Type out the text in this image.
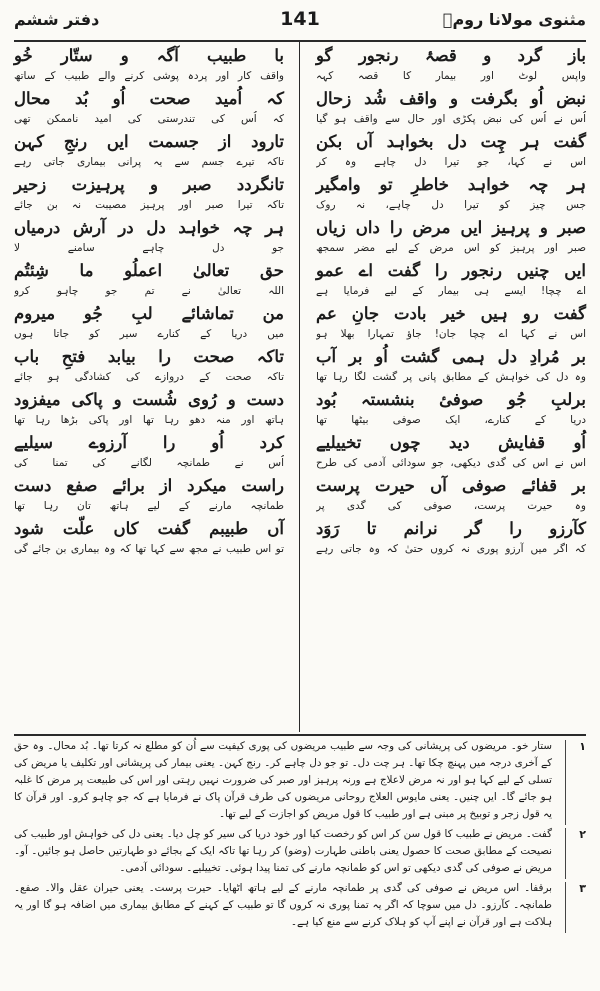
مثنوی مولانا رومؒ
141
دفتر ششم
باز گرد و قصۂ رنجور گو
واپس لوٹ اور بیمار کا قصہ کہہ
نبض اُو بگرفت و واقف شُد زحال
اُس نے اُس کی نبض پکڑی اور حال سے واقف ہو گیا
گفت ہر چِت دل بخواہد آں بکن
اس نے کہا، جو تیرا دل چاہے وہ کر
ہر چہ خواہد خاطرِ تو وامگیر
جس چیز کو تیرا دل چاہے، نہ روک
صبر و پرہیز ایں مرض را داں زیاں
صبر اور پرہیز کو اس مرض کے لیے مضر سمجھ
ایں چنیں رنجور را گفت اے عمو
اے چچا! ایسے ہی بیمار کے لیے فرمایا ہے
گفت رو ہیں خیر بادت جانِ عم
اس نے کہا اے چچا جان! جاؤ تمہارا بھلا ہو
بر مُرادِ دل ہمی گشت اُو بر آب
وہ دل کی خواہش کے مطابق پانی پر گشت لگا رہا تھا
برلبِ جُو صوفیٔ بنشستہ بُود
دریا کے کنارے، ایک صوفی بیٹھا تھا
اُو قفایش دید چوں تخییلیے
اس نے اس کی گدی دیکھی، جو سودائی آدمی کی طرح
بر قفائے صوفی آں حیرت پرست
وہ حیرت پرست، صوفی کی گدی پر
کآرزو را گر نرانم تا رَوَد
کہ اگر میں آرزو پوری نہ کروں حتیٰ کہ وہ جاتی رہے
با طبیب آگہ و ستّار خُو
واقف کار اور پردہ پوشی کرنے والے طبیب کے ساتھ
کہ اُمید صحت اُو بُد محال
کہ اُس کی تندرستی کی امید ناممکن تھی
تارود از جسمت ایں رنجِ کہن
تاکہ تیرے جسم سے یہ پرانی بیماری جاتی رہے
تانگردد صبر و پرہیزت زحیر
تاکہ تیرا صبر اور پرہیز مصیبت نہ بن جائے
ہر چہ خواہد دل در آرش درمیاں
جو دل چاہے سامنے لا
حق تعالیٰ اعملُو ما شِئتُم
اللہ تعالیٰ نے تم جو چاہو کرو
من تماشائے لبِ جُو میروم
میں دریا کے کنارے سیر کو جاتا ہوں
تاکہ صحت را بیابد فتحِ باب
تاکہ صحت کے دروازے کی کشادگی ہو جائے
دست و رُوی شُست و پاکی میفزود
ہاتھ اور منہ دھو رہا تھا اور پاکی بڑھا رہا تھا
کرد اُو را آرزوے سیلیے
اُس نے طمانچہ لگانے کی تمنا کی
راست میکرد از برائے صفع دست
طمانچہ مارنے کے لیے ہاتھ تان رہا تھا
آں طبیبم گفت کاں علّت شود
تو اس طبیب نے مجھ سے کہا تھا کہ وہ بیماری بن جائے گی
۱
ستار خو۔ مریضوں کی پریشانی کی وجہ سے طبیب مریضوں کی پوری کیفیت سے اُن کو مطلع نہ کرتا تھا۔ بُد محال۔ وہ حق کے آخری درجہ میں پہنچ چکا تھا۔ ہر چت دل۔ تو جو دل چاہے کر۔ رنج کہن۔ یعنی بیمار کی پریشانی اور تکلیف یا مریض کی تسلی کے لیے کہا ہو اور نہ مرض لاعلاج ہے ورنہ پرہیز اور صبر کی ضرورت نہیں رہتی اور اس کی طبیعت پر مرض کا غلبہ ہو جائے گا۔ ایں چنیں۔ یعنی مایوس العلاج روحانی مریضوں کی طرف قرآن پاک نے فرمایا ہے کہ جو چاہو کرو۔ اور قرآن کا یہ قول زجر و توبیخ پر مبنی ہے اور طبیب کا قول مریض کو اجازت کے لیے تھا۔
۲
گفت۔ مریض نے طبیب کا قول سن کر اس کو رخصت کیا اور خود دریا کی سیر کو چل دیا۔ یعنی دل کی خواہش اور طبیب کی نصیحت کے مطابق صحت کا حصول یعنی باطنی طہارت (وضو) کر رہا تھا تاکہ ایک کے بجائے دو طہارتیں حاصل ہو جائیں۔ آو۔ مریض نے صوفی کی گدی دیکھی تو اس کو طمانچہ مارنے کی تمنا پیدا ہوئی۔ تخییلیے۔ سودائی آدمی۔
۳
برقفا۔ اس مریض نے صوفی کی گدی پر طمانچہ مارنے کے لیے ہاتھ اٹھایا۔ حیرت پرست۔ یعنی حیران عقل والا۔ صفع۔ طمانچہ۔ کآرزو۔ دل میں سوچا کہ اگر یہ تمنا پوری نہ کروں گا تو طبیب کے کہنے کے مطابق بیماری میں اضافہ ہو گا اور یہ ہلاکت ہے اور قرآن نے اپنے آپ کو ہلاک کرنے سے منع کیا ہے۔
